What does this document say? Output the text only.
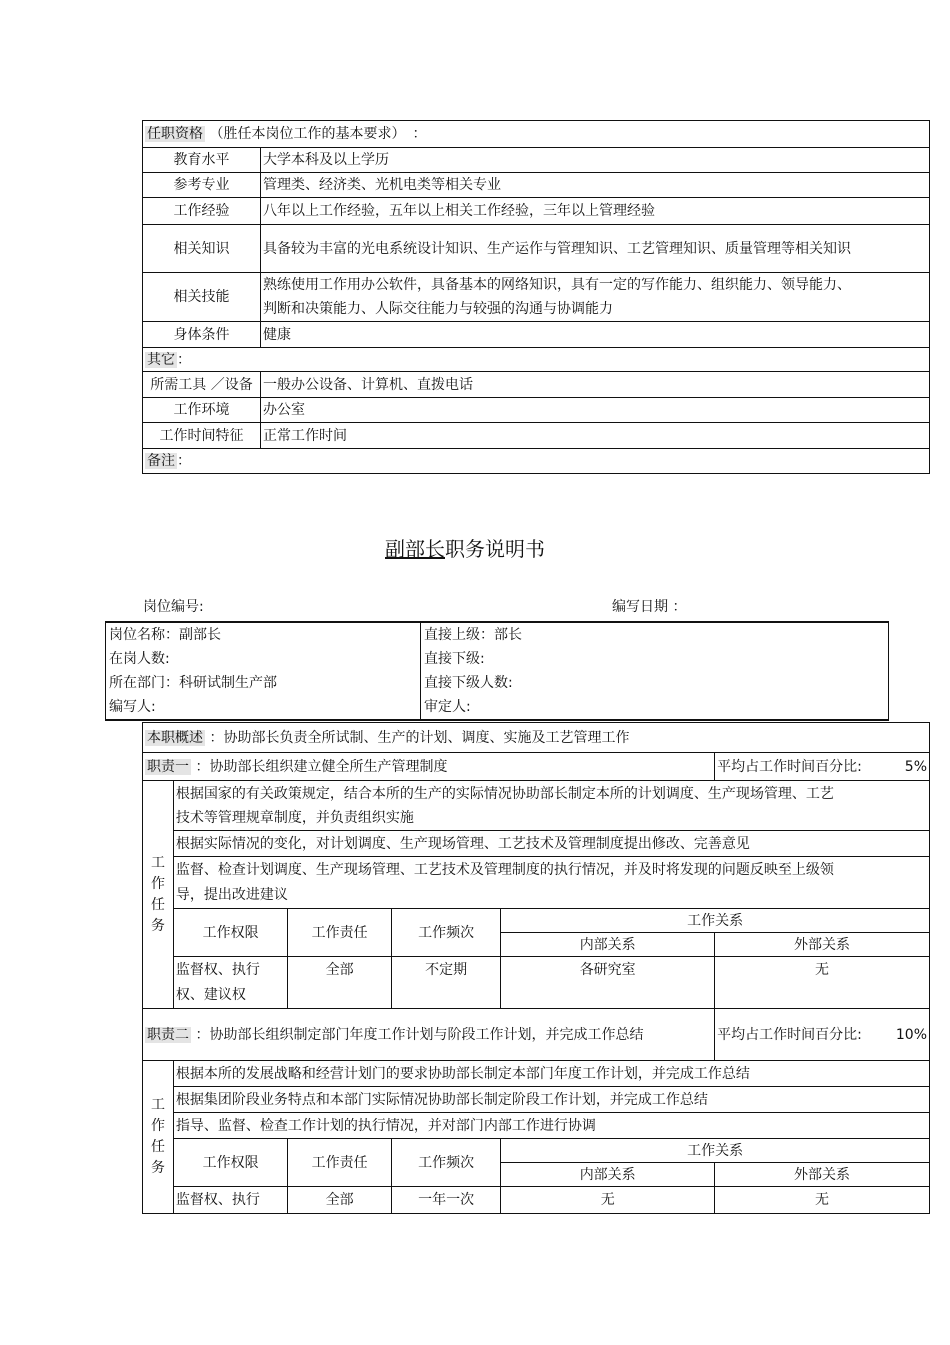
任职资格 （胜任本岗位工作的基本要求）　：	
教育水平	大学本科及以上学历
参考专业	管理类、经济类、光机电类等相关专业
工作经验	八年以上工作经验，五年以上相关工作经验，三年以上管理经验
相关知识	具备较为丰富的光电系统设计知识、生产运作与管理知识、工艺管理知识、质量管理等相关知识
相关技能	熟练使用工作用办公软件，具备基本的网络知识，具有一定的写作能力、组织能力、领导能力、判断和决策能力、人际交往能力与较强的沟通与协调能力
身体条件	健康
其它 ：	
所需工具 ／设备	一般办公设备、计算机、直拨电话
工作环境	办公室
工作时间特征	正常工作时间
备注 ：	
副部长职务说明书
岗位编号:	编写日期 ：
岗位名称：副部长	直接上级：部长
在岗人数:	直接下级:
所在部门：科研试制生产部	直接下级人数:
编写人:	审定人:
本职概述 ：协助部长负责全所试制、生产的计划、调度、实施及工艺管理工作					
职责一 ：协助部长组织建立健全所生产管理制度					平均占工作时间百分比: 5%

工作任务	根据国家的有关政策规定，结合本所的生产的实际情况协助部长制定本所的计划调度、生产现场管理、工艺技术等管理规章制度，并负责组织实施				
	根据实际情况的变化，对计划调度、生产现场管理、工艺技术及管理制度提出修改、完善意见				
	监督、检查计划调度、生产现场管理、工艺技术及管理制度的执行情况，并及时将发现的问题反映至上级领导，提出改进建议				
	工作权限	工作责任	工作频次	工作关系	
				内部关系	外部关系
	监督权、执行权、建议权	全部	不定期	各研究室	无
职责二 ：协助部长组织制定部门年度工作计划与阶段工作计划，并完成工作总结					平均占工作时间百分比: 10%

工作任务	根据本所的发展战略和经营计划门的要求协助部长制定本部门年度工作计划，并完成工作总结				
	根据集团阶段业务特点和本部门实际情况协助部长制定阶段工作计划，并完成工作总结				
	指导、监督、检查工作计划的执行情况，并对部门内部工作进行协调				
	工作权限	工作责任	工作频次	工作关系	
				内部关系	外部关系
	监督权、执行	全部	一年一次	无	无
